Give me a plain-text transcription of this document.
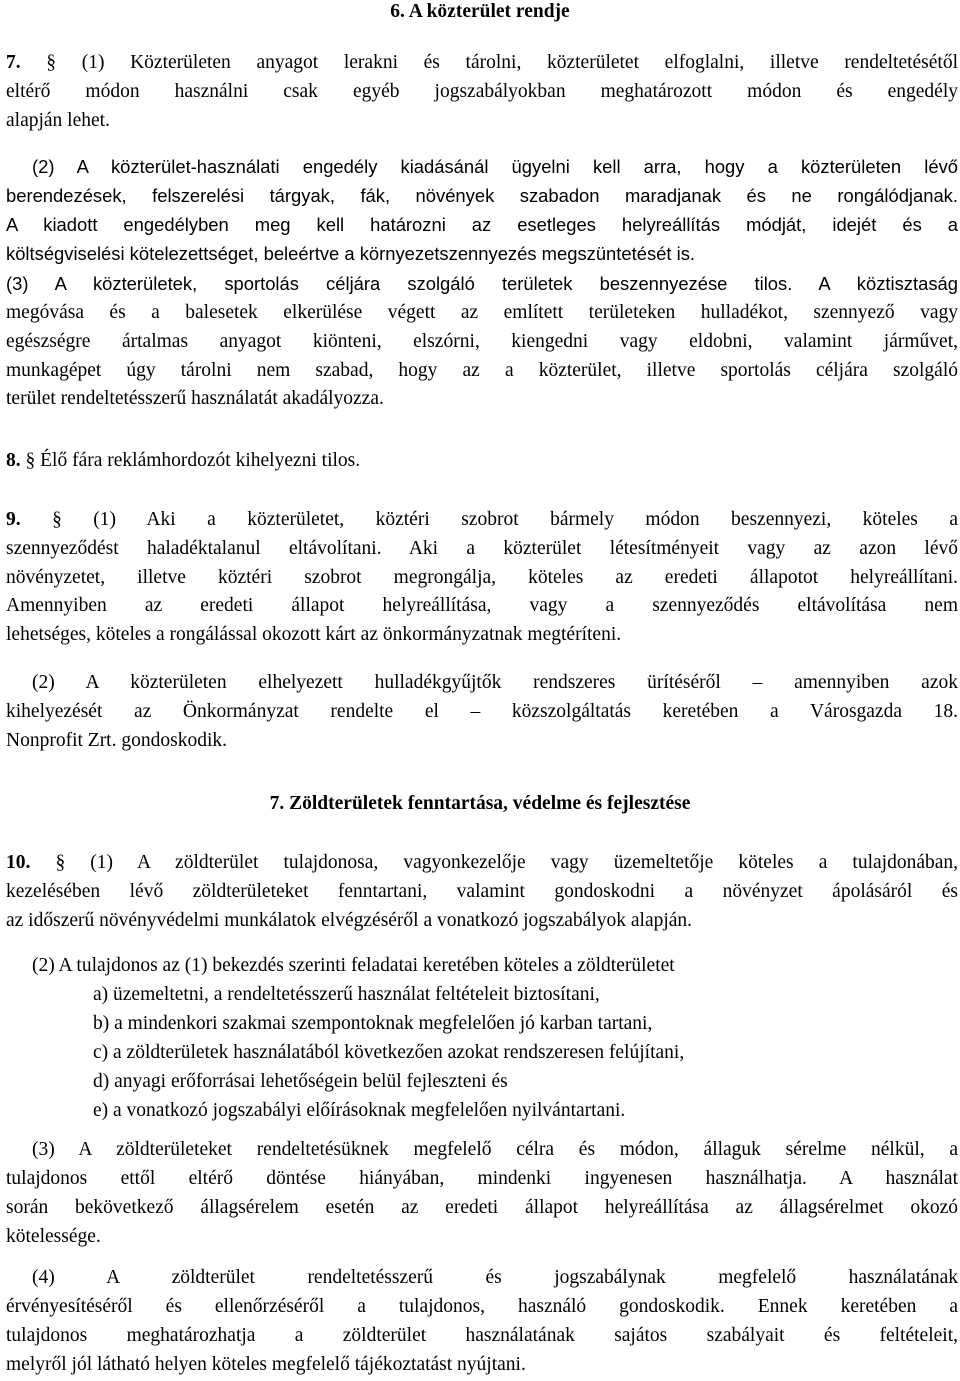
6. A közterület rendje
7. § (1) Közterületen anyagot lerakni és tárolni, közterületet elfoglalni, illetve rendeltetésétől
eltérő módon használni csak egyéb jogszabályokban meghatározott módon és engedély
alapján lehet.
(2) A közterület-használati engedély kiadásánál ügyelni kell arra, hogy a közterületen lévő

berendezések, felszerelési tárgyak, fák, növények szabadon maradjanak és ne rongálódjanak.
A kiadott engedélyben meg kell határozni az esetleges helyreállítás módját, idejét és a

költségviselési kötelezettséget, beleértve a környezetszennyezés megszüntetését is.
(3) A közterületek, sportolás céljára szolgáló területek beszennyezése tilos. A köztisztaság
megóvása és a balesetek elkerülése végett az említett területeken hulladékot, szennyező vagy
egészségre ártalmas anyagot kiönteni, elszórni, kiengedni vagy eldobni, valamint járművet,
munkagépet úgy tárolni nem szabad, hogy az a közterület, illetve sportolás céljára szolgáló

terület rendeltetésszerű használatát akadályozza.
8. § Élő fára reklámhordozót kihelyezni tilos.
9. § (1) Aki a közterületet, köztéri szobrot bármely módon beszennyezi, köteles a
szennyeződést haladéktalanul eltávolítani. Aki a közterület létesítményeit vagy az azon lévő
növényzetet, illetve köztéri szobrot megrongálja, köteles az eredeti állapotot helyreállítani.
Amennyiben az eredeti állapot helyreállítása, vagy a szennyeződés eltávolítása nem
lehetséges, köteles a rongálással okozott kárt az önkormányzatnak megtéríteni.
(2) A közterületen elhelyezett hulladékgyűjtők rendszeres ürítéséről – amennyiben azok

kihelyezését az Önkormányzat rendelte el – közszolgáltatás keretében a Városgazda 18.
Nonprofit Zrt. gondoskodik.
7. Zöldterületek fenntartása, védelme és fejlesztése
10. § (1) A zöldterület tulajdonosa, vagyonkezelője vagy üzemeltetője köteles a tulajdonában,
kezelésében lévő zöldterületeket fenntartani, valamint gondoskodni a növényzet ápolásáról és
az időszerű növényvédelmi munkálatok elvégzéséről a vonatkozó jogszabályok alapján.
(2) A tulajdonos az (1) bekezdés szerinti feladatai keretében köteles a zöldterületet
a) üzemeltetni, a rendeltetésszerű használat feltételeit biztosítani,
b) a mindenkori szakmai szempontoknak megfelelően jó karban tartani,
c) a zöldterületek használatából következően azokat rendszeresen felújítani,
d) anyagi erőforrásai lehetőségein belül fejleszteni és
e) a vonatkozó jogszabályi előírásoknak megfelelően nyilvántartani.
(3) A zöldterületeket rendeltetésüknek megfelelő célra és módon, állaguk sérelme nélkül, a

tulajdonos ettől eltérő döntése hiányában, mindenki ingyenesen használhatja. A használat
során bekövetkező állagsérelem esetén az eredeti állapot helyreállítása az állagsérelmet okozó
kötelessége.
(4) A zöldterület rendeltetésszerű és jogszabálynak megfelelő használatának

érvényesítéséről és ellenőrzéséről a tulajdonos, használó gondoskodik. Ennek keretében a
tulajdonos meghatározhatja a zöldterület használatának sajátos szabályait és feltételeit,
melyről jól látható helyen köteles megfelelő tájékoztatást nyújtani.
